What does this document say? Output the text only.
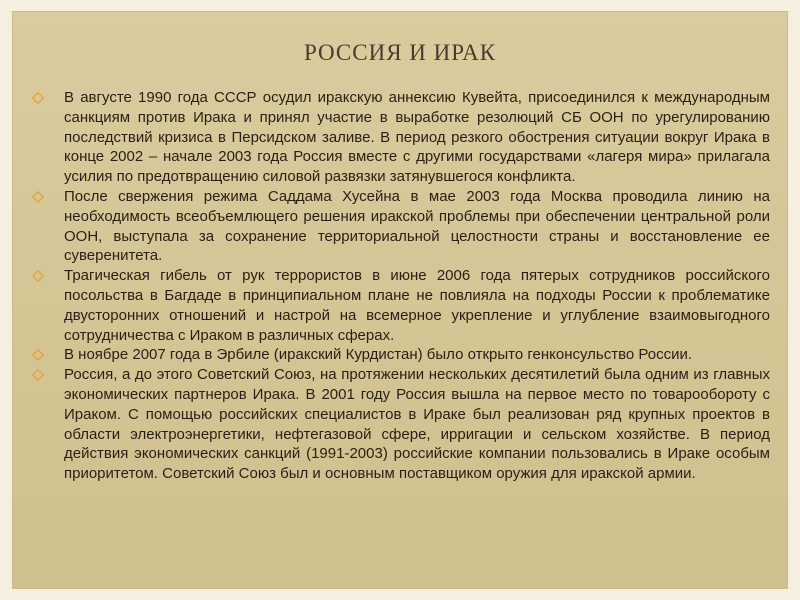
РОССИЯ И ИРАК
В августе 1990 года СССР осудил иракскую аннексию Кувейта, присоединился к международным санкциям против Ирака и принял участие в выработке резолюций СБ ООН по урегулированию последствий кризиса в Персидском заливе. В период резкого обострения ситуации вокруг Ирака в конце 2002 – начале 2003 года Россия вместе с другими государствами «лагеря мира» прилагала усилия по предотвращению силовой развязки затянувшегося конфликта.
После свержения режима Саддама Хусейна в мае 2003 года Москва проводила линию на необходимость всеобъемлющего решения иракской проблемы при обеспечении центральной роли ООН, выступала за сохранение территориальной целостности страны и восстановление ее суверенитета.
Трагическая гибель от рук террористов в июне 2006 года пятерых сотрудников российского посольства в Багдаде в принципиальном плане не повлияла на подходы России к проблематике двусторонних отношений и настрой на всемерное укрепление и углубление взаимовыгодного сотрудничества с Ираком в различных сферах.
В ноябре 2007 года в Эрбиле (иракский Курдистан) было открыто генконсульство России.
Россия, а до этого Советский Союз, на протяжении нескольких десятилетий была одним из главных экономических партнеров Ирака. В 2001 году Россия вышла на первое место по товарообороту с Ираком. С помощью российских специалистов в Ираке был реализован ряд крупных проектов в области электроэнергетики, нефтегазовой сфере, ирригации и сельском хозяйстве. В период действия экономических санкций (1991-2003) российские компании пользовались в Ираке особым приоритетом. Советский Союз был и основным поставщиком оружия для иракской армии.
